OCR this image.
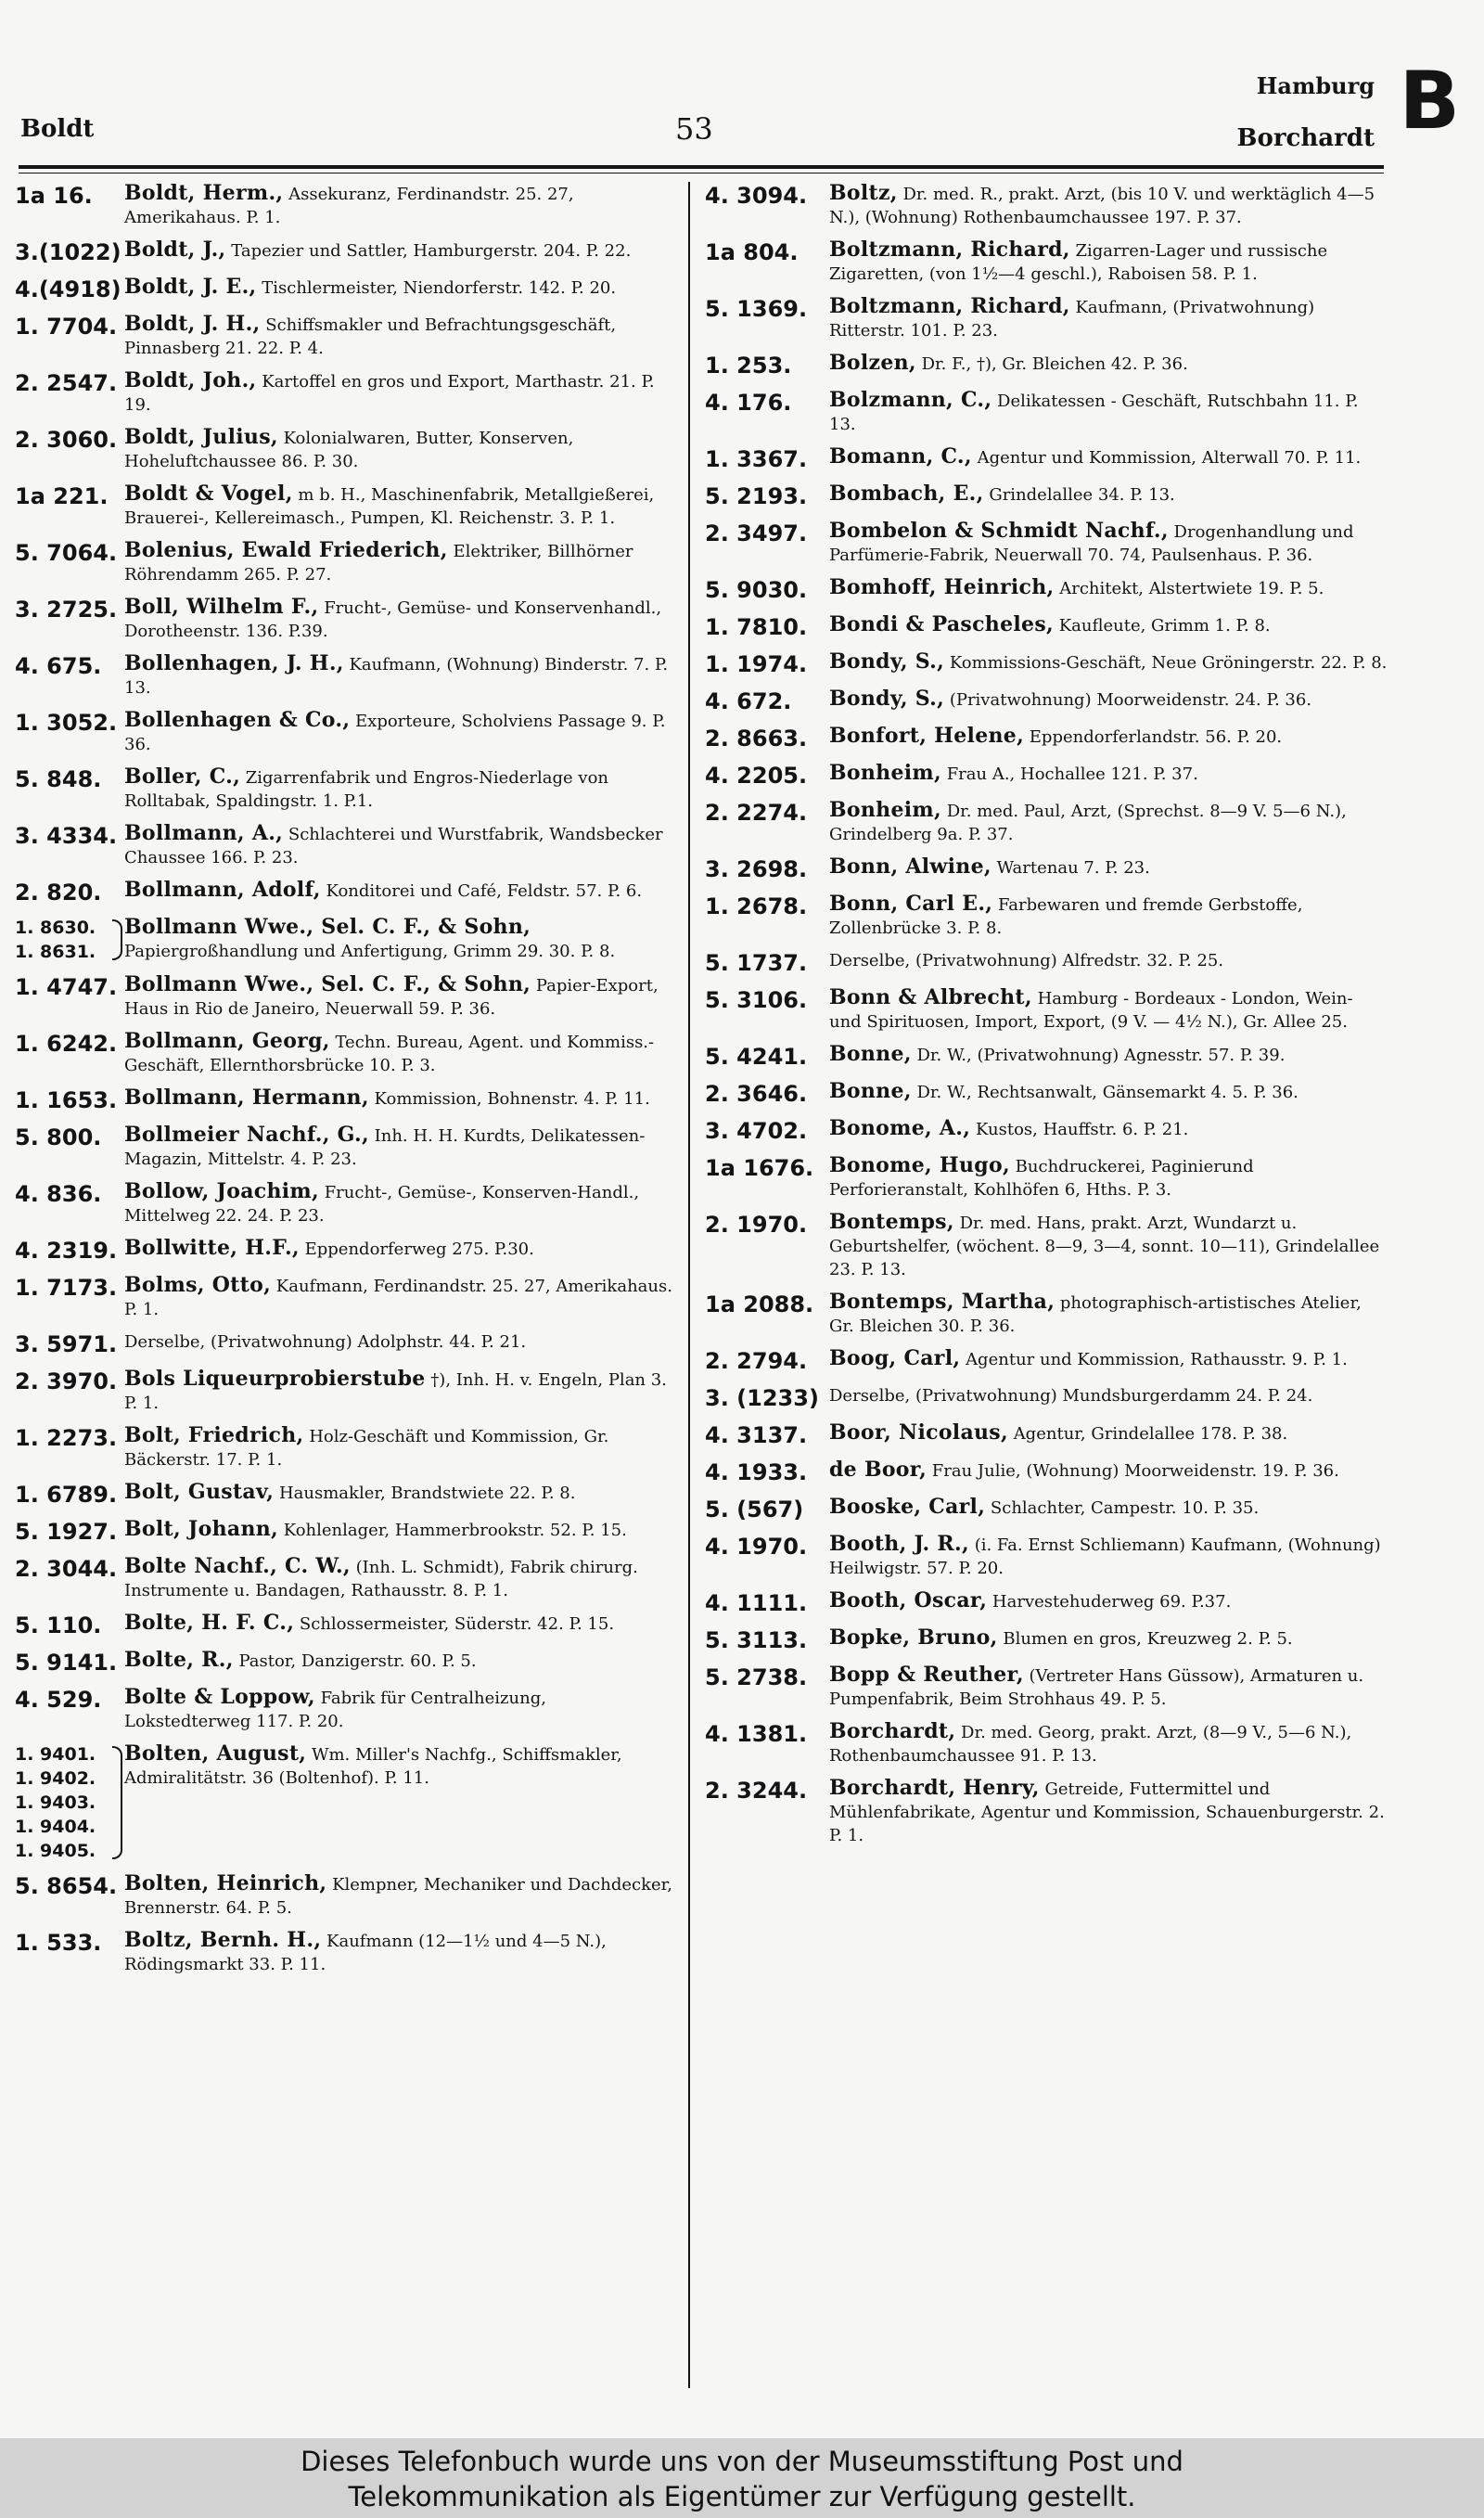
Boldt	53
Hamburg
Borchardt B
1a 16.	Boldt, Herm., Assekuranz, Ferdinandstr. 25. 27, Amerikahaus. P. 1.
3.(1022) Boldt, J., Tapezier und Sattler, Hamburgerstr. 204. P. 22.
4.(4918) Boldt, J. E., Tischlermeister, Niendorferstr. 142. P. 20.
1. 7704. Boldt, J. H., Schiffsmakler und Befrachtungsgeschäft, Pinnasberg 21. 22. P. 4.
2. 2547. Boldt, Joh., Kartoffel en gros und Export, Marthastr. 21. P. 19.
2. 3060. Boldt, Julius, Kolonialwaren, Butter, Konserven, Hoheluftchaussee 86. P. 30.
1a 221. Boldt & Vogel, m b. H., Maschinenfabrik, Metallgießerei, Brauerei-, Kellereimasch., Pumpen, Kl. Reichenstr. 3. P. 1.
5. 7064. Bolenius, Ewald Friederich, Elektriker, Billhörner Röhrendamm 265. P. 27.
3. 2725. Boll, Wilhelm F., Frucht-, Gemüse- und Konservenhandl., Dorotheenstr. 136. P.39.
4. 675.	Bollenhagen, J. H., Kaufmann, (Wohnung) Binderstr. 7. P. 13.
1. 3052. Bollenhagen & Co., Exporteure, Scholviens Passage 9. P. 36.
5. 848.	Boller, C., Zigarrenfabrik und Engros-Niederlage von Rolltabak, Spaldingstr. 1. P.1.
3. 4334. Bollmann, A., Schlachterei und Wurstfabrik, Wandsbecker Chaussee 166. P. 23.
2. 820.	Bollmann, Adolf, Konditorei und Café, Feldstr. 57. P. 6.
1. 8630.
1. 8631.
Bollmann Wwe., Sel. C. F., & Sohn, Papiergroßhandlung und Anfertigung, Grimm 29. 30. P. 8.
1. 4747. Bollmann Wwe., Sel. C. F., & Sohn, Papier-Export, Haus in Rio de Janeiro, Neuerwall 59. P. 36.
1. 6242. Bollmann, Georg, Techn. Bureau, Agent. und Kommiss.-Geschäft, Ellernthorsbrücke 10. P. 3.
1. 1653. Bollmann, Hermann, Kommission, Bohnenstr. 4. P. 11.
5. 800.	Bollmeier Nachf., G., Inh. H. H. Kurdts, Delikatessen-Magazin, Mittelstr. 4. P. 23.
4. 836.	Bollow, Joachim, Frucht-, Gemüse-, Konserven-Handl., Mittelweg 22. 24. P. 23.
4. 2319. Bollwitte, H.F., Eppendorferweg 275. P.30.
1. 7173. Bolms, Otto, Kaufmann, Ferdinandstr. 25. 27, Amerikahaus. P. 1.
3. 5971. Derselbe, (Privatwohnung) Adolphstr. 44. P. 21.
2. 3970. Bols Liqueurprobierstube †), Inh. H. v. Engeln, Plan 3. P. 1.
1. 2273. Bolt, Friedrich, Holz-Geschäft und Kommission, Gr. Bäckerstr. 17. P. 1.
1. 6789. Bolt, Gustav, Hausmakler, Brandstwiete 22. P. 8.
5. 1927. Bolt, Johann, Kohlenlager, Hammerbrookstr. 52. P. 15.
2. 3044. Bolte Nachf., C. W., (Inh. L. Schmidt), Fabrik chirurg. Instrumente u. Bandagen, Rathausstr. 8. P. 1.
5. 110.	Bolte, H. F. C., Schlossermeister, Süderstr. 42. P. 15.
5. 9141. Bolte, R., Pastor, Danzigerstr. 60. P. 5.
4. 529.	Bolte & Loppow, Fabrik für Centralheizung, Lokstedterweg 117. P. 20.
1. 9401.
1. 9402.
1. 9403.
1. 9404.
1. 9405.
Bolten, August, Wm. Miller's Nachfg., Schiffsmakler, Admiralitätstr. 36 (Boltenhof). P. 11.
5. 8654. Bolten, Heinrich, Klempner, Mechaniker und Dachdecker, Brennerstr. 64. P. 5.
1. 533.	Boltz, Bernh. H., Kaufmann (12—1½ und 4—5 N.), Rödingsmarkt 33. P. 11.
4. 3094.	Boltz, Dr. med. R., prakt. Arzt, (bis 10 V. und werktäglich 4—5 N.), (Wohnung) Rothenbaumchaussee 197. P. 37.
1a 804.	Boltzmann, Richard, Zigarren-Lager und russische Zigaretten, (von 1½—4 geschl.), Raboisen 58. P. 1.
5. 1369.	Boltzmann, Richard, Kaufmann, (Privatwohnung) Ritterstr. 101. P. 23.
1. 253.	Bolzen, Dr. F., †), Gr. Bleichen 42. P. 36.
4. 176.	Bolzmann, C., Delikatessen - Geschäft, Rutschbahn 11. P. 13.
1. 3367.	Bomann, C., Agentur und Kommission, Alterwall 70. P. 11.
5. 2193.	Bombach, E., Grindelallee 34. P. 13.
2. 3497.	Bombelon & Schmidt Nachf., Drogenhandlung und Parfümerie-Fabrik, Neuerwall 70. 74, Paulsenhaus. P. 36.
5. 9030.	Bomhoff, Heinrich, Architekt, Alstertwiete 19. P. 5.
1. 7810.	Bondi & Pascheles, Kaufleute, Grimm 1. P. 8.
1. 1974.	Bondy, S., Kommissions-Geschäft, Neue Gröningerstr. 22. P. 8.
4. 672.	Bondy, S., (Privatwohnung) Moorweidenstr. 24. P. 36.
2. 8663.	Bonfort, Helene, Eppendorferlandstr. 56. P. 20.
4. 2205.	Bonheim, Frau A., Hochallee 121. P. 37.
2. 2274.	Bonheim, Dr. med. Paul, Arzt, (Sprechst. 8—9 V. 5—6 N.), Grindelberg 9a. P. 37.
3. 2698.	Bonn, Alwine, Wartenau 7. P. 23.
1. 2678.	Bonn, Carl E., Farbewaren und fremde Gerbstoffe, Zollenbrücke 3. P. 8.
5. 1737.	Derselbe, (Privatwohnung) Alfredstr. 32. P. 25.
5. 3106.	Bonn & Albrecht, Hamburg - Bordeaux - London, Wein- und Spirituosen, Import, Export, (9 V. — 4½ N.), Gr. Allee 25.
5. 4241.	Bonne, Dr. W., (Privatwohnung) Agnesstr. 57. P. 39.
2. 3646.	Bonne, Dr. W., Rechtsanwalt, Gänsemarkt 4. 5. P. 36.
3. 4702.	Bonome, A., Kustos, Hauffstr. 6. P. 21.
1a 1676. Bonome, Hugo, Buchdruckerei, Paginierund Perforieranstalt, Kohlhöfen 6, Hths. P. 3.
2. 1970.	Bontemps, Dr. med. Hans, prakt. Arzt, Wundarzt u. Geburtshelfer, (wöchent. 8—9, 3—4, sonnt. 10—11), Grindelallee 23. P. 13.
1a 2088. Bontemps, Martha, photographisch-artistisches Atelier, Gr. Bleichen 30. P. 36.
2. 2794.	Boog, Carl, Agentur und Kommission, Rathausstr. 9. P. 1.
3. (1233) Derselbe, (Privatwohnung) Mundsburgerdamm 24. P. 24.
4. 3137.	Boor, Nicolaus, Agentur, Grindelallee 178. P. 38.
4. 1933.	de Boor, Frau Julie, (Wohnung) Moorweidenstr. 19. P. 36.
5. (567)	Booske, Carl, Schlachter, Campestr. 10. P. 35.
4. 1970.	Booth, J. R., (i. Fa. Ernst Schliemann) Kaufmann, (Wohnung) Heilwigstr. 57. P. 20.
4. 1111.	Booth, Oscar, Harvestehuderweg 69. P.37.
5. 3113.	Bopke, Bruno, Blumen en gros, Kreuzweg 2. P. 5.
5. 2738.	Bopp & Reuther, (Vertreter Hans Güssow), Armaturen u. Pumpenfabrik, Beim Strohhaus 49. P. 5.
4. 1381.	Borchardt, Dr. med. Georg, prakt. Arzt, (8—9 V., 5—6 N.), Rothenbaumchaussee 91. P. 13.
2. 3244.	Borchardt, Henry, Getreide, Futtermittel und Mühlenfabrikate, Agentur und Kommission, Schauenburgerstr. 2. P. 1.
Dieses Telefonbuch wurde uns von der Museumsstiftung Post und
Telekommunikation als Eigentümer zur Verfügung gestellt.
